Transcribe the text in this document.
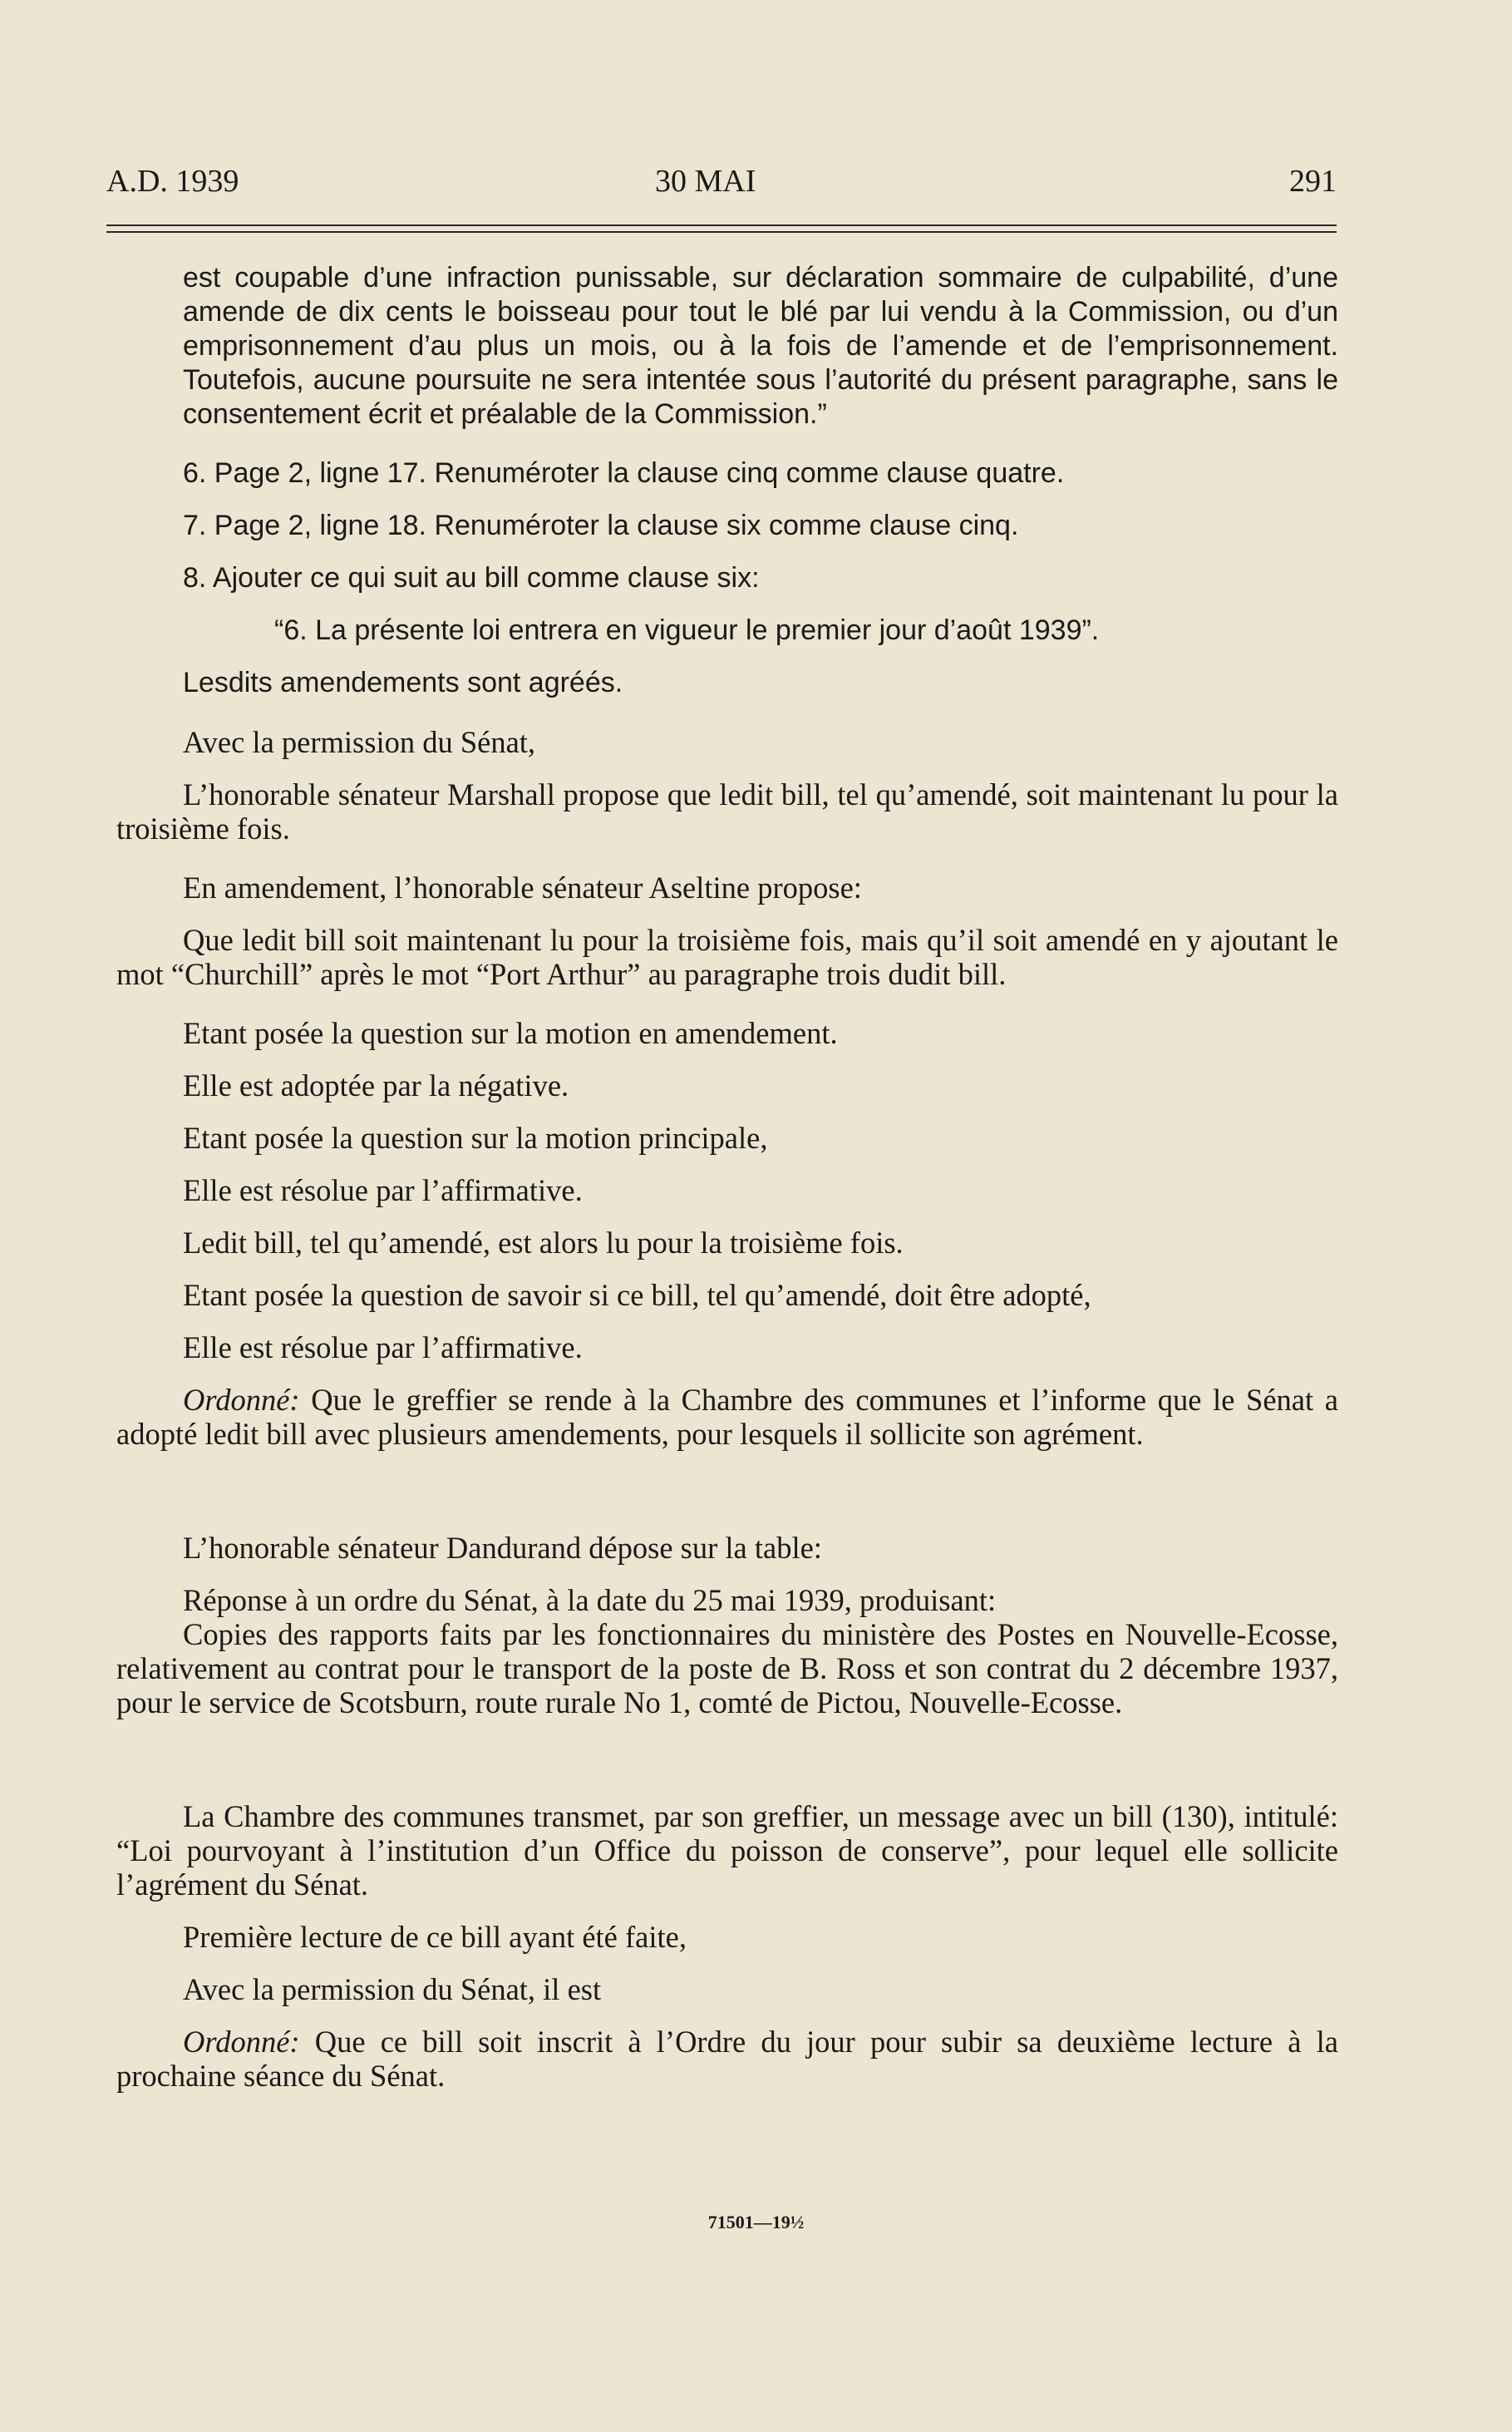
A.D. 1939	30 MAI	291

est coupable d’une infraction punissable, sur déclaration sommaire de culpabilité, d’une amende de dix cents le boisseau pour tout le blé par lui vendu à la Commission, ou d’un emprisonnement d’au plus un mois, ou à la fois de l’amende et de l’emprisonnement. Toutefois, aucune poursuite ne sera intentée sous l’autorité du présent paragraphe, sans le consentement écrit et préalable de la Commission.”

6. Page 2, ligne 17. Renuméroter la clause cinq comme clause quatre.

7. Page 2, ligne 18. Renuméroter la clause six comme clause cinq.

8. Ajouter ce qui suit au bill comme clause six:

“6. La présente loi entrera en vigueur le premier jour d’août 1939”.

Lesdits amendements sont agréés.

Avec la permission du Sénat,

L’honorable sénateur Marshall propose que ledit bill, tel qu’amendé, soit maintenant lu pour la troisième fois.

En amendement, l’honorable sénateur Aseltine propose:

Que ledit bill soit maintenant lu pour la troisième fois, mais qu’il soit amendé en y ajoutant le mot “Churchill” après le mot “Port Arthur” au paragraphe trois dudit bill.

Etant posée la question sur la motion en amendement.

Elle est adoptée par la négative.

Etant posée la question sur la motion principale,

Elle est résolue par l’affirmative.

Ledit bill, tel qu’amendé, est alors lu pour la troisième fois.

Etant posée la question de savoir si ce bill, tel qu’amendé, doit être adopté,

Elle est résolue par l’affirmative.

Ordonné: Que le greffier se rende à la Chambre des communes et l’informe que le Sénat a adopté ledit bill avec plusieurs amendements, pour lesquels il sollicite son agrément.

L’honorable sénateur Dandurand dépose sur la table:

Réponse à un ordre du Sénat, à la date du 25 mai 1939, produisant:

Copies des rapports faits par les fonctionnaires du ministère des Postes en Nouvelle-Ecosse, relativement au contrat pour le transport de la poste de B. Ross et son contrat du 2 décembre 1937, pour le service de Scotsburn, route rurale No 1, comté de Pictou, Nouvelle-Ecosse.

La Chambre des communes transmet, par son greffier, un message avec un bill (130), intitulé: “Loi pourvoyant à l’institution d’un Office du poisson de conserve”, pour lequel elle sollicite l’agrément du Sénat.

Première lecture de ce bill ayant été faite,

Avec la permission du Sénat, il est

Ordonné: Que ce bill soit inscrit à l’Ordre du jour pour subir sa deuxième lecture à la prochaine séance du Sénat.

71501—19½
